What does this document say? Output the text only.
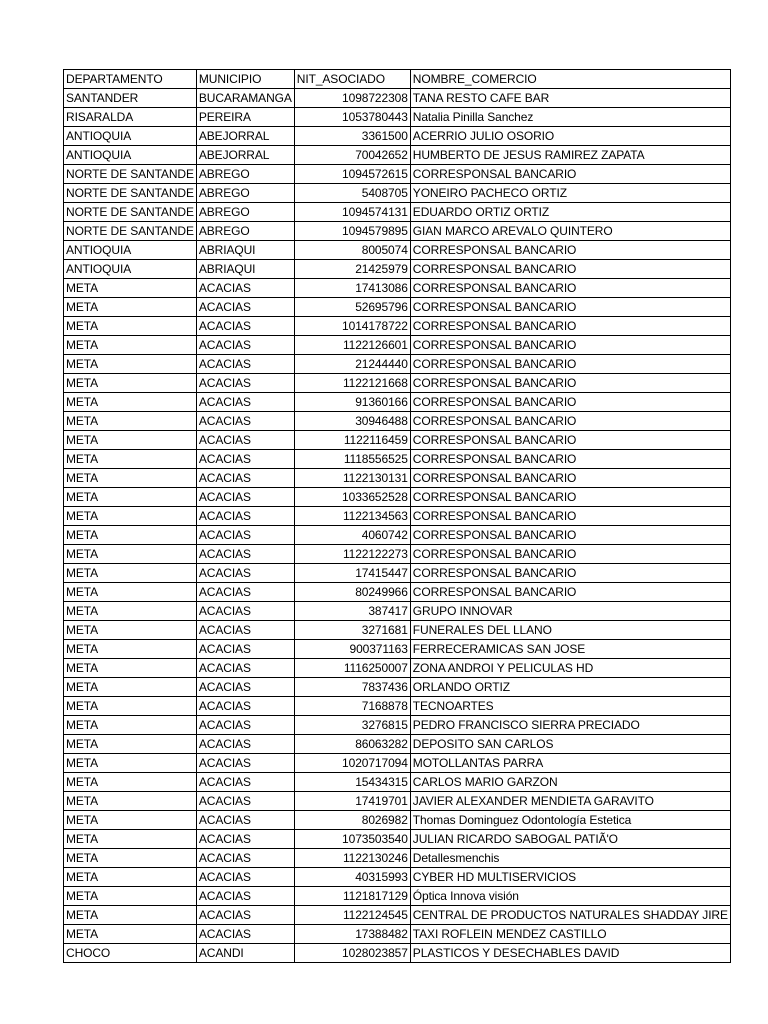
DEPARTAMENTO	MUNICIPIO	NIT_ASOCIADO	NOMBRE_COMERCIO
SANTANDER	BUCARAMANGA	1098722308	TANA RESTO CAFE BAR
RISARALDA	PEREIRA	1053780443	Natalia Pinilla Sanchez
ANTIOQUIA	ABEJORRAL	3361500	ACERRIO JULIO OSORIO
ANTIOQUIA	ABEJORRAL	70042652	HUMBERTO DE JESUS RAMIREZ ZAPATA
NORTE DE SANTANDE	ABREGO	1094572615	CORRESPONSAL BANCARIO
NORTE DE SANTANDE	ABREGO	5408705	YONEIRO PACHECO ORTIZ
NORTE DE SANTANDE	ABREGO	1094574131	EDUARDO ORTIZ ORTIZ
NORTE DE SANTANDE	ABREGO	1094579895	GIAN MARCO AREVALO QUINTERO
ANTIOQUIA	ABRIAQUI	8005074	CORRESPONSAL BANCARIO
ANTIOQUIA	ABRIAQUI	21425979	CORRESPONSAL BANCARIO
META	ACACIAS	17413086	CORRESPONSAL BANCARIO
META	ACACIAS	52695796	CORRESPONSAL BANCARIO
META	ACACIAS	1014178722	CORRESPONSAL BANCARIO
META	ACACIAS	1122126601	CORRESPONSAL BANCARIO
META	ACACIAS	21244440	CORRESPONSAL BANCARIO
META	ACACIAS	1122121668	CORRESPONSAL BANCARIO
META	ACACIAS	91360166	CORRESPONSAL BANCARIO
META	ACACIAS	30946488	CORRESPONSAL BANCARIO
META	ACACIAS	1122116459	CORRESPONSAL BANCARIO
META	ACACIAS	1118556525	CORRESPONSAL BANCARIO
META	ACACIAS	1122130131	CORRESPONSAL BANCARIO
META	ACACIAS	1033652528	CORRESPONSAL BANCARIO
META	ACACIAS	1122134563	CORRESPONSAL BANCARIO
META	ACACIAS	4060742	CORRESPONSAL BANCARIO
META	ACACIAS	1122122273	CORRESPONSAL BANCARIO
META	ACACIAS	17415447	CORRESPONSAL BANCARIO
META	ACACIAS	80249966	CORRESPONSAL BANCARIO
META	ACACIAS	387417	GRUPO INNOVAR
META	ACACIAS	3271681	FUNERALES DEL LLANO
META	ACACIAS	900371163	FERRECERAMICAS SAN JOSE
META	ACACIAS	1116250007	ZONA ANDROI Y PELICULAS HD
META	ACACIAS	7837436	ORLANDO ORTIZ
META	ACACIAS	7168878	TECNOARTES
META	ACACIAS	3276815	PEDRO FRANCISCO SIERRA PRECIADO
META	ACACIAS	86063282	DEPOSITO SAN CARLOS
META	ACACIAS	1020717094	MOTOLLANTAS PARRA
META	ACACIAS	15434315	CARLOS MARIO GARZON
META	ACACIAS	17419701	JAVIER ALEXANDER MENDIETA GARAVITO
META	ACACIAS	8026982	Thomas Dominguez Odontología Estetica
META	ACACIAS	1073503540	JULIAN RICARDO SABOGAL PATIÃ'O
META	ACACIAS	1122130246	Detallesmenchis
META	ACACIAS	40315993	CYBER HD MULTISERVICIOS
META	ACACIAS	1121817129	Óptica Innova visión
META	ACACIAS	1122124545	CENTRAL DE PRODUCTOS NATURALES SHADDAY JIRE
META	ACACIAS	17388482	TAXI ROFLEIN MENDEZ CASTILLO
CHOCO	ACANDI	1028023857	PLASTICOS Y DESECHABLES DAVID
